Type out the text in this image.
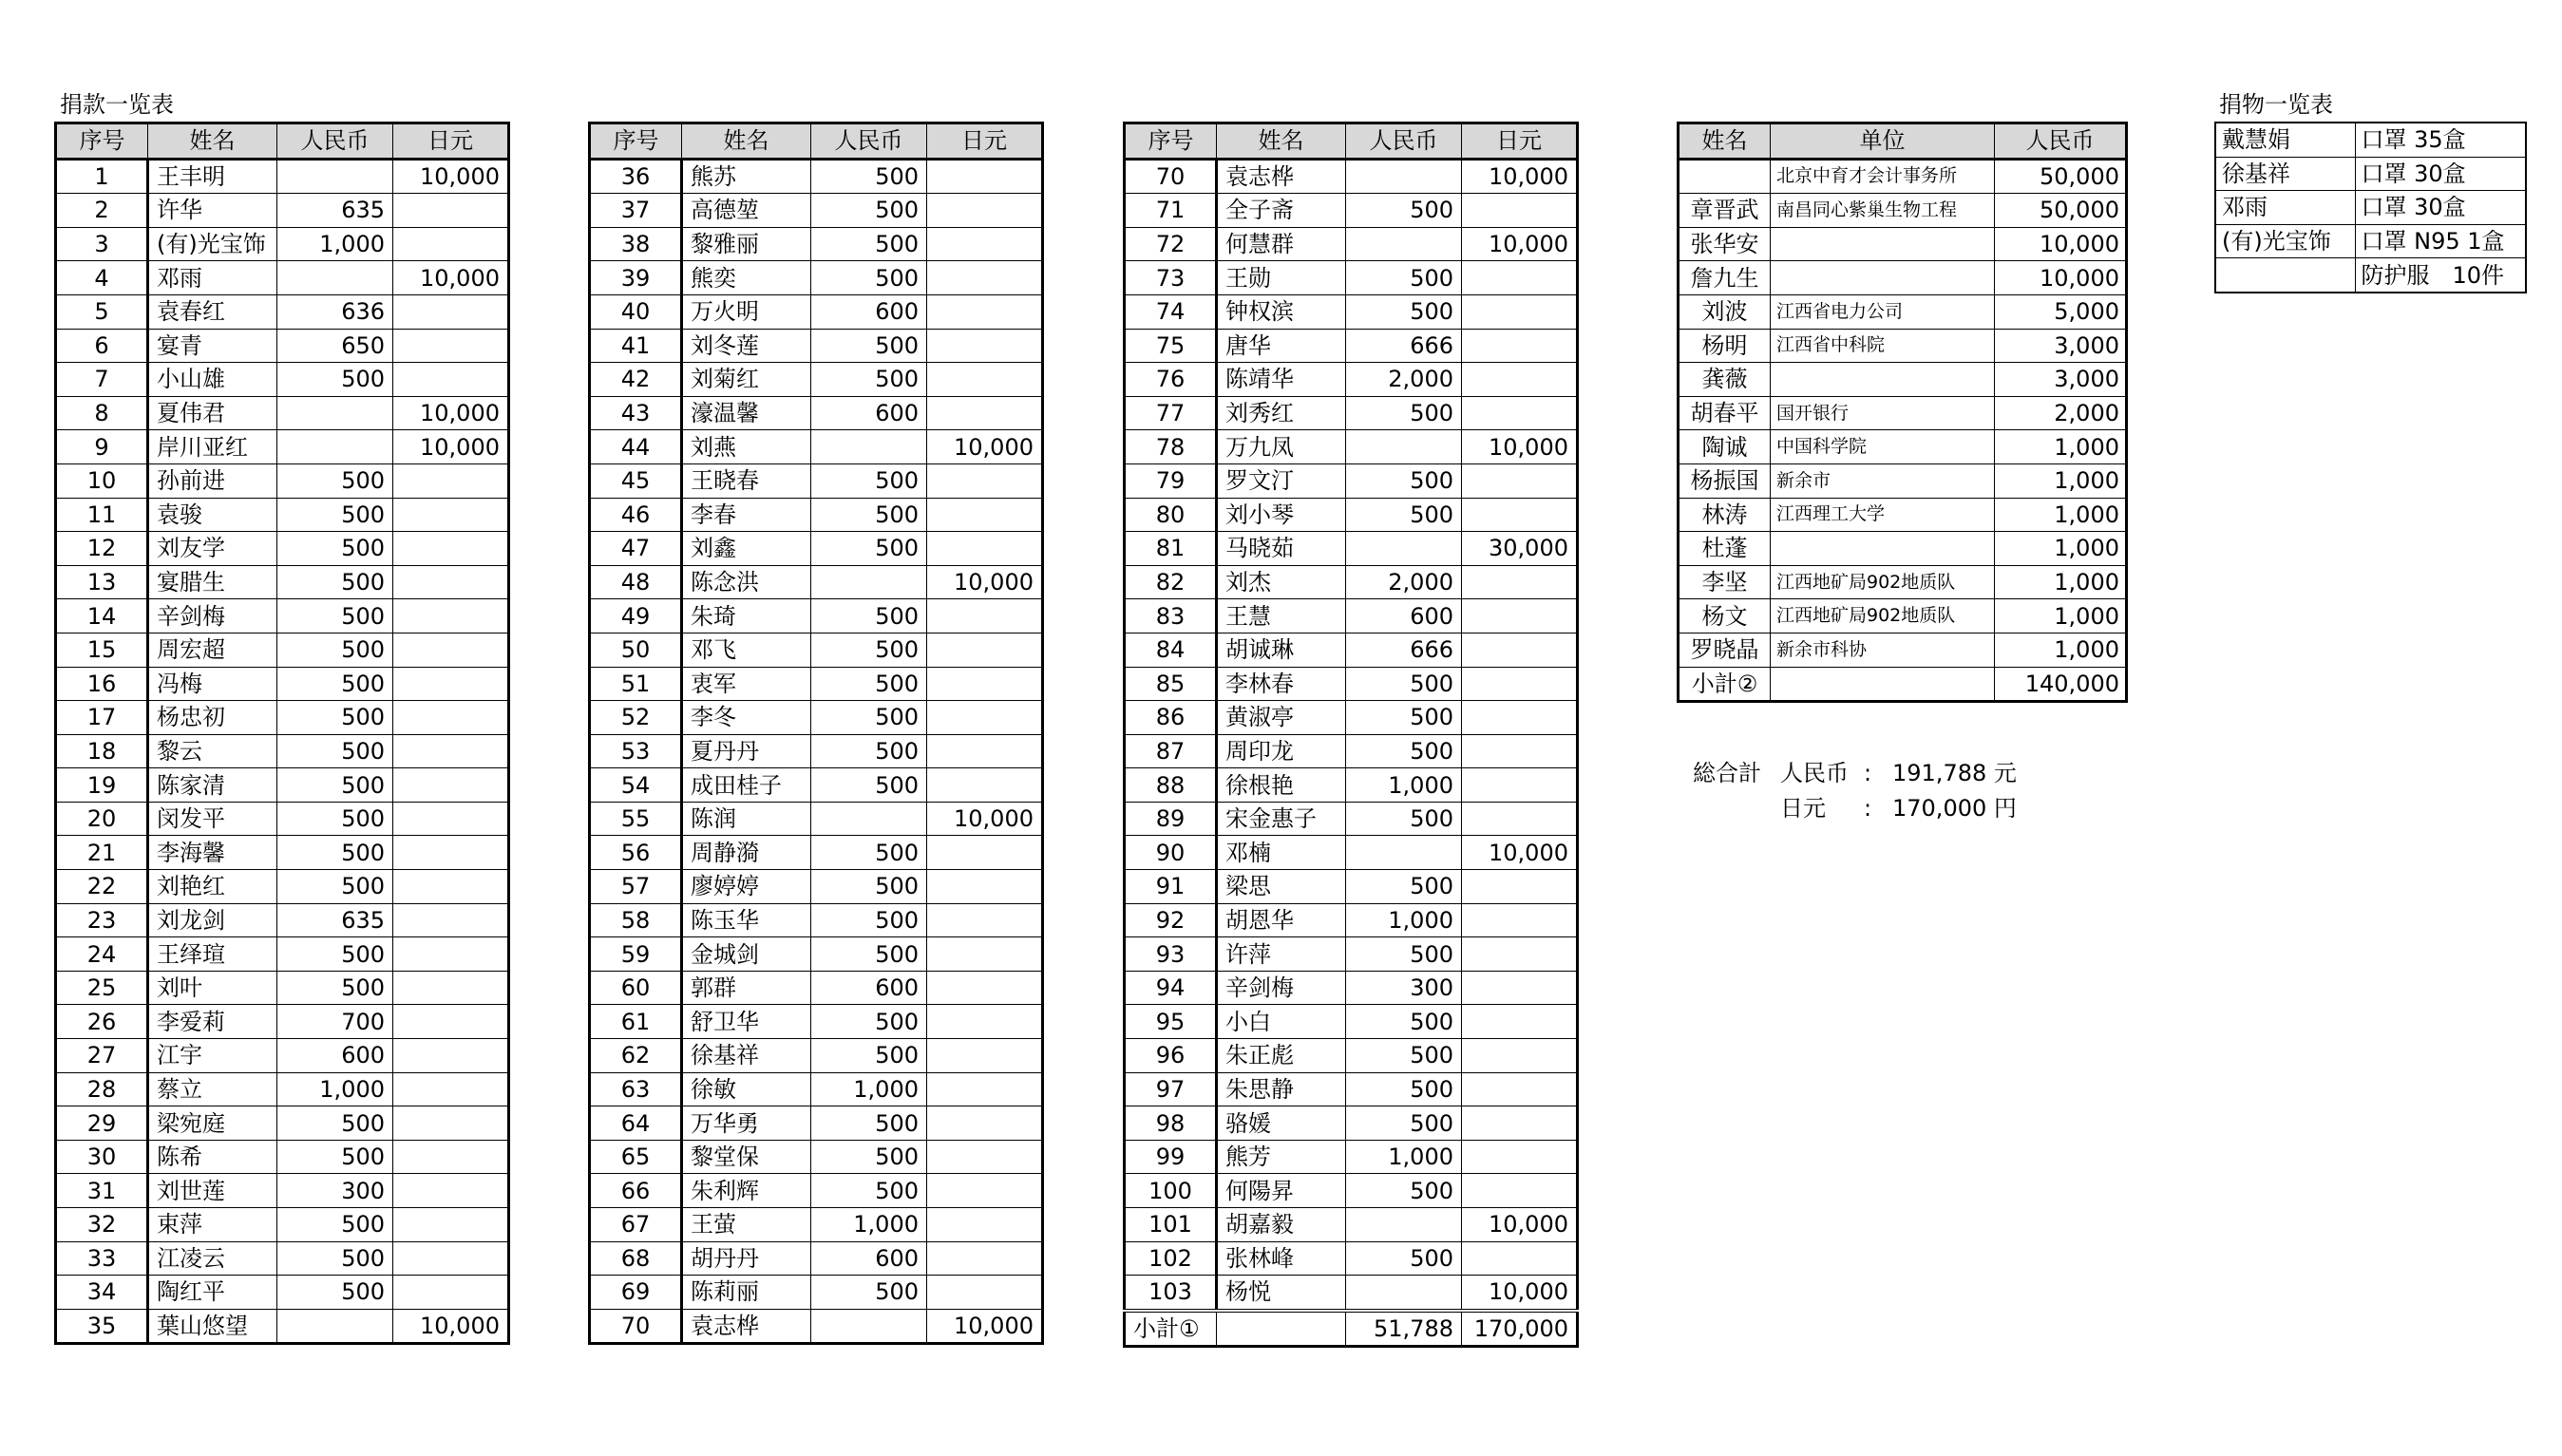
捐款一览表	捐物一览表
序号	姓名	人民币	日元
1	王丰明		10,000
2	许华	635	
3	(有)光宝饰	1,000	
4	邓雨		10,000
5	袁春红	636	
6	宴青	650	
7	小山雄	500	
8	夏伟君		10,000
9	岸川亚红		10,000
10	孙前进	500	
11	袁骏	500	
12	刘友学	500	
13	宴腊生	500	
14	辛剑梅	500	
15	周宏超	500	
16	冯梅	500	
17	杨忠初	500	
18	黎云	500	
19	陈家清	500	
20	闵发平	500	
21	李海馨	500	
22	刘艳红	500	
23	刘龙剑	635	
24	王绎瑄	500	
25	刘叶	500	
26	李爱莉	700	
27	江宇	600	
28	蔡立	1,000	
29	梁宛庭	500	
30	陈希	500	
31	刘世莲	300	
32	束萍	500	
33	江凌云	500	
34	陶红平	500	
35	葉山悠望		10,000
序号	姓名	人民币	日元
36	熊苏	500	
37	高德堃	500	
38	黎雅丽	500	
39	熊奕	500	
40	万火明	600	
41	刘冬莲	500	
42	刘菊红	500	
43	濠温馨	600	
44	刘燕		10,000
45	王晓春	500	
46	李春	500	
47	刘鑫	500	
48	陈念洪		10,000
49	朱琦	500	
50	邓飞	500	
51	衷军	500	
52	李冬	500	
53	夏丹丹	500	
54	成田桂子	500	
55	陈润		10,000
56	周静漪	500	
57	廖婷婷	500	
58	陈玉华	500	
59	金城剑	500	
60	郭群	600	
61	舒卫华	500	
62	徐基祥	500	
63	徐敏	1,000	
64	万华勇	500	
65	黎堂保	500	
66	朱利辉	500	
67	王萤	1,000	
68	胡丹丹	600	
69	陈莉丽	500	
70	袁志桦		10,000
序号	姓名	人民币	日元
70	袁志桦		10,000
71	全子斋	500	
72	何慧群		10,000
73	王勋	500	
74	钟权滨	500	
75	唐华	666	
76	陈靖华	2,000	
77	刘秀红	500	
78	万九凤		10,000
79	罗文汀	500	
80	刘小琴	500	
81	马晓茹		30,000
82	刘杰	2,000	
83	王慧	600	
84	胡诚琳	666	
85	李林春	500	
86	黄淑亭	500	
87	周印龙	500	
88	徐根艳	1,000	
89	宋金惠子	500	
90	邓楠		10,000
91	梁思	500	
92	胡恩华	1,000	
93	许萍	500	
94	辛剑梅	300	
95	小白	500	
96	朱正彪	500	
97	朱思静	500	
98	骆媛	500	
99	熊芳	1,000	
100	何陽昇	500	
101	胡嘉毅		10,000
102	张林峰	500	
103	杨悦		10,000
小計①		51,788	170,000
姓名	单位	人民币
	北京中育才会计事务所	50,000
章晋武	南昌同心紫巢生物工程	50,000
张华安		10,000
詹九生		10,000
刘波	江西省电力公司	5,000
杨明	江西省中科院	3,000
龚薇		3,000
胡春平	国开银行	2,000
陶诚	中国科学院	1,000
杨振国	新余市	1,000
林涛	江西理工大学	1,000
杜蓬		1,000
李坚	江西地矿局902地质队	1,000
杨文	江西地矿局902地质队	1,000
罗晓晶	新余市科协	1,000
小計②		140,000
総合計 人民币 : 191,788 元
日元	: 170,000 円
戴慧娟	口罩 35盒
徐基祥	口罩 30盒
邓雨	口罩 30盒
(有)光宝饰	口罩 N95 1盒
	防护服　10件
